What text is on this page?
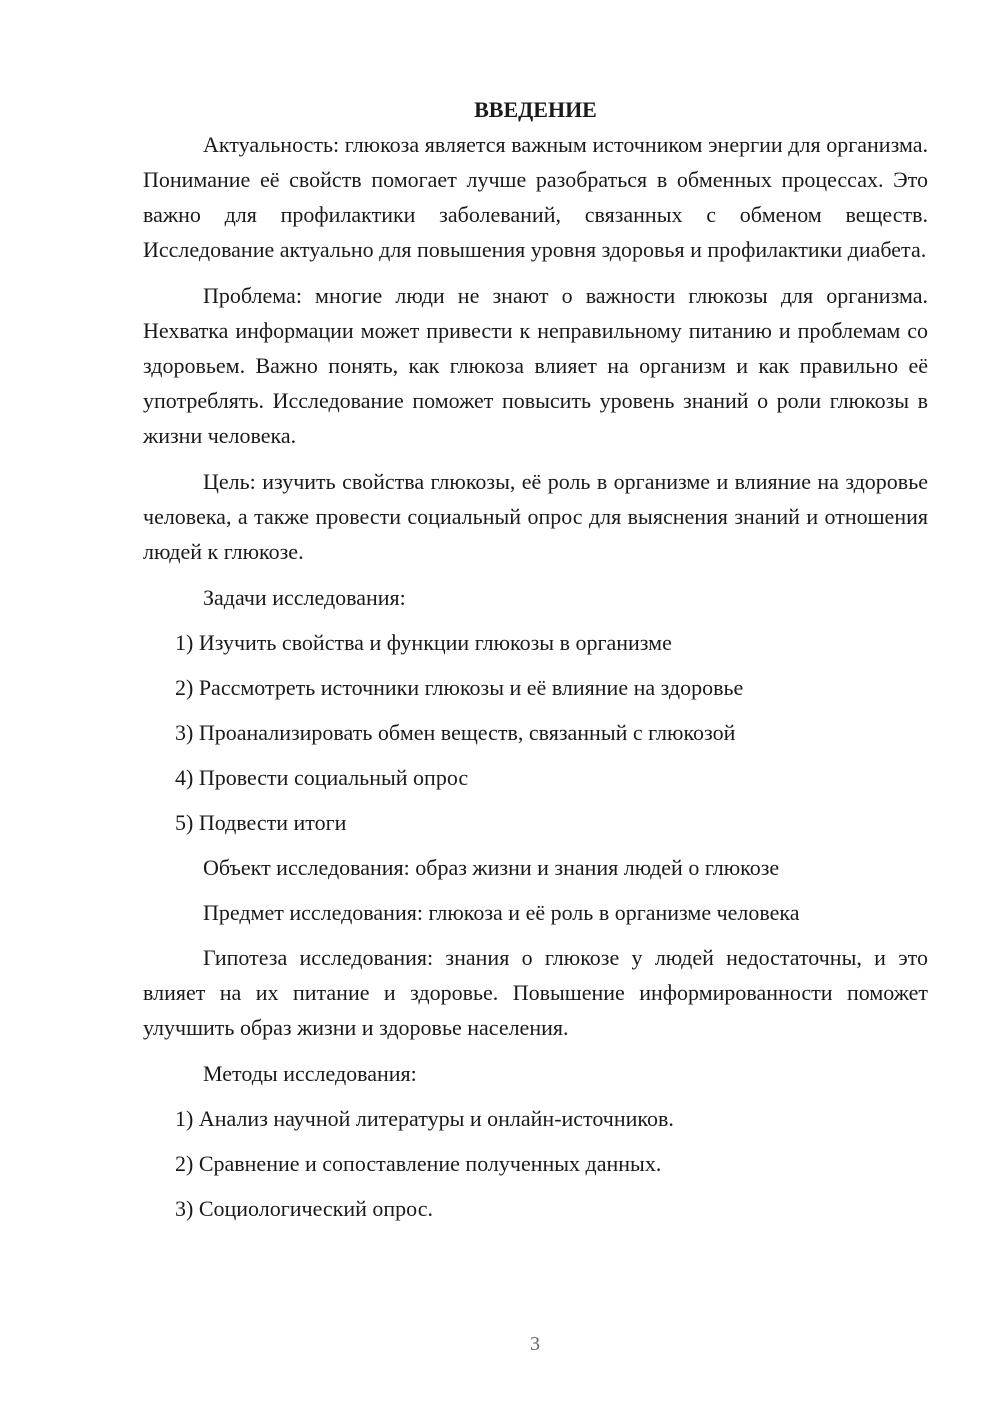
ВВЕДЕНИЕ

Актуальность: глюкоза является важным источником энергии для организма. Понимание её свойств помогает лучше разобраться в обменных процессах. Это важно для профилактики заболеваний, связанных с обменом веществ. Исследование актуально для повышения уровня здоровья и профилактики диабета.

Проблема: многие люди не знают о важности глюкозы для организма. Нехватка информации может привести к неправильному питанию и проблемам со здоровьем. Важно понять, как глюкоза влияет на организм и как правильно её употреблять. Исследование поможет повысить уровень знаний о роли глюкозы в жизни человека.

Цель: изучить свойства глюкозы, её роль в организме и влияние на здоровье человека, а также провести социальный опрос для выяснения знаний и отношения людей к глюкозе.

Задачи исследования:

1) Изучить свойства и функции глюкозы в организме

2) Рассмотреть источники глюкозы и её влияние на здоровье

3) Проанализировать обмен веществ, связанный с глюкозой

4) Провести социальный опрос

5) Подвести итоги

Объект исследования: образ жизни и знания людей о глюкозе

Предмет исследования: глюкоза и её роль в организме человека

Гипотеза исследования: знания о глюкозе у людей недостаточны, и это влияет на их питание и здоровье. Повышение информированности поможет улучшить образ жизни и здоровье населения.

Методы исследования:

1) Анализ научной литературы и онлайн-источников.

2) Сравнение и сопоставление полученных данных.

3) Социологический опрос.

3
